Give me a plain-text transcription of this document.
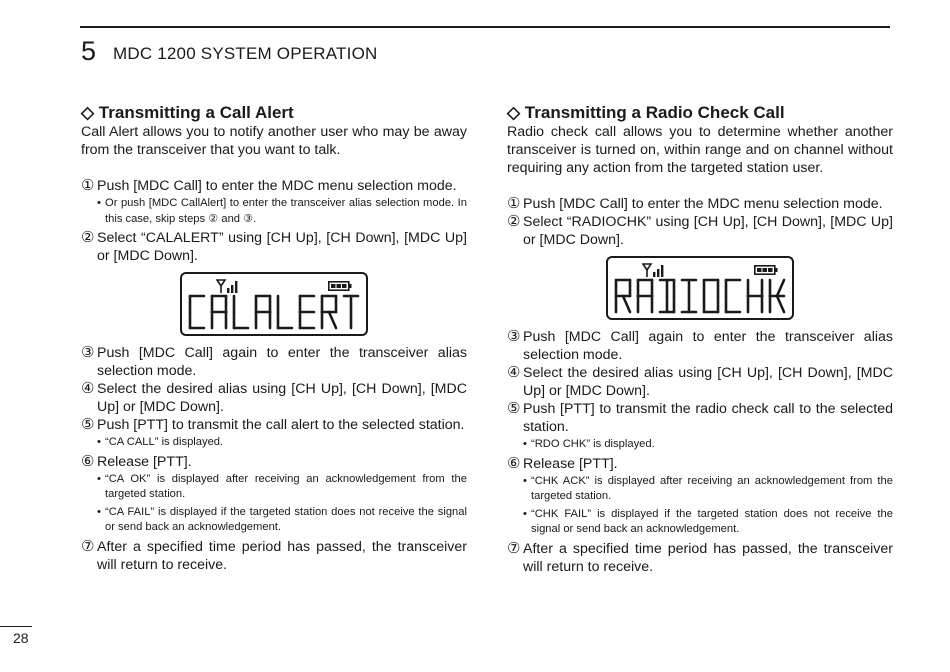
5 MDC 1200 SYSTEM OPERATION
◇ Transmitting a Call Alert

Call Alert allows you to notify another user who may be away from the transceiver that you want to talk.

① Push [MDC Call] to enter the MDC menu selection mode.
• Or push [MDC CallAlert] to enter the transceiver alias selection mode. In this case, skip steps ② and ③.
② Select “CALALERT” using [CH Up], [CH Down], [MDC Up] or [MDC Down].
③ Push [MDC Call] again to enter the transceiver alias selection mode.
④ Select the desired alias using [CH Up], [CH Down], [MDC Up] or [MDC Down].
⑤ Push [PTT] to transmit the call alert to the selected station.
• “CA CALL” is displayed.
⑥ Release [PTT].
• “CA OK” is displayed after receiving an acknowledgement from the targeted station.
• “CA FAIL” is displayed if the targeted station does not receive the signal or send back an acknowledgement.
⑦ After a specified time period has passed, the transceiver will return to receive.
◇ Transmitting a Radio Check Call

Radio check call allows you to determine whether another transceiver is turned on, within range and on channel without requiring any action from the targeted station user.

① Push [MDC Call] to enter the MDC menu selection mode.
② Select “RADIOCHK” using [CH Up], [CH Down], [MDC Up] or [MDC Down].
③ Push [MDC Call] again to enter the transceiver alias selection mode.
④ Select the desired alias using [CH Up], [CH Down], [MDC Up] or [MDC Down].
⑤ Push [PTT] to transmit the radio check call to the selected station.
• “RDO CHK” is displayed.
⑥ Release [PTT].
• “CHK ACK” is displayed after receiving an acknowledgement from the targeted station.
• “CHK FAIL” is displayed if the targeted station does not receive the signal or send back an acknowledgement.
⑦ After a specified time period has passed, the transceiver will return to receive.
28
